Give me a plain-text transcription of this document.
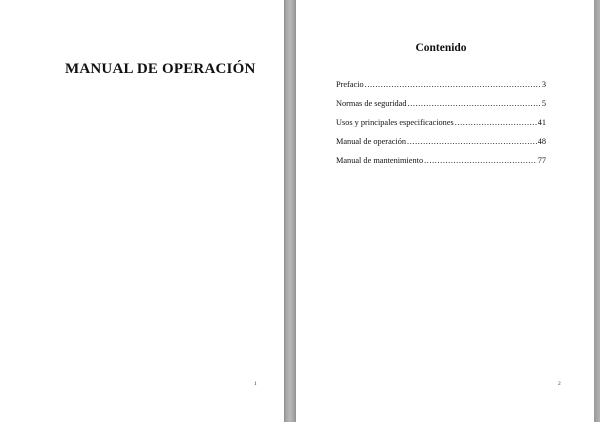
MANUAL DE OPERACIÓN
1
Contenido
Prefacio .....	3
Normas de seguridad .....	5
Usos y principales especificaciones .....	41
Manual de operación .....	48
Manual de mantenimiento .....	77
2
